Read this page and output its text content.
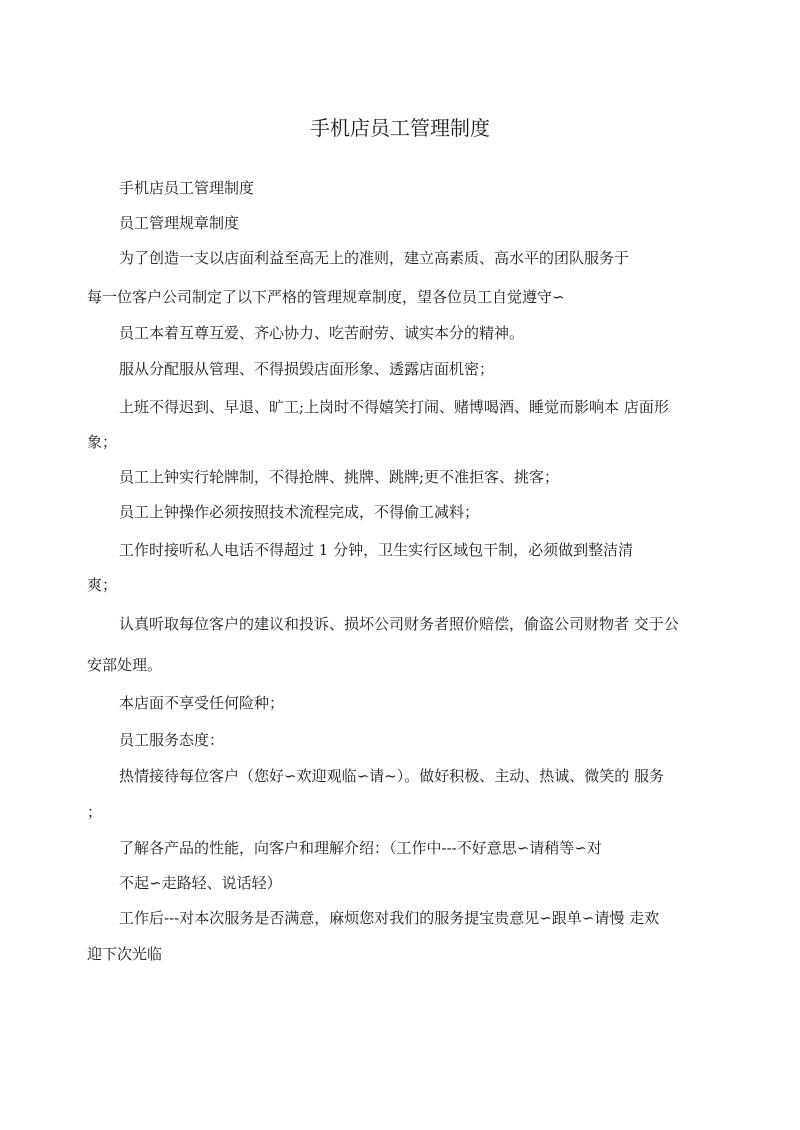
手机店员工管理制度
手机店员工管理制度
员工管理规章制度
为了创造一支以店面利益至高无上的准则，建立高素质、高水平的团队服务于
每一位客户公司制定了以下严格的管理规章制度，望各位员工自觉遵守∽
员工本着互尊互爱、齐心协力、吃苦耐劳、诚实本分的精神。
服从分配服从管理、不得损毁店面形象、透露店面机密；
上班不得迟到、早退、旷工;上岗时不得嬉笑打闹、赌博喝酒、睡觉而影响本 店面形
象；
员工上钟实行轮牌制，不得抢牌、挑牌、跳牌;更不准拒客、挑客；
员工上钟操作必须按照技术流程完成，不得偷工减料；
工作时接听私人电话不得超过 1 分钟，卫生实行区域包干制，必须做到整洁清
爽；
认真听取每位客户的建议和投诉、损坏公司财务者照价赔偿，偷盗公司财物者 交于公
安部处理。
本店面不享受任何险种；
员工服务态度：
热情接待每位客户（您好∽欢迎观临∽请~）。做好积极、主动、热诚、微笑的 服务
；
了解各产品的性能，向客户和理解介绍：（工作中---不好意思∽请稍等∽对
不起∽走路轻、说话轻）
工作后---对本次服务是否满意，麻烦您对我们的服务提宝贵意见∽跟单∽请慢 走欢
迎下次光临
